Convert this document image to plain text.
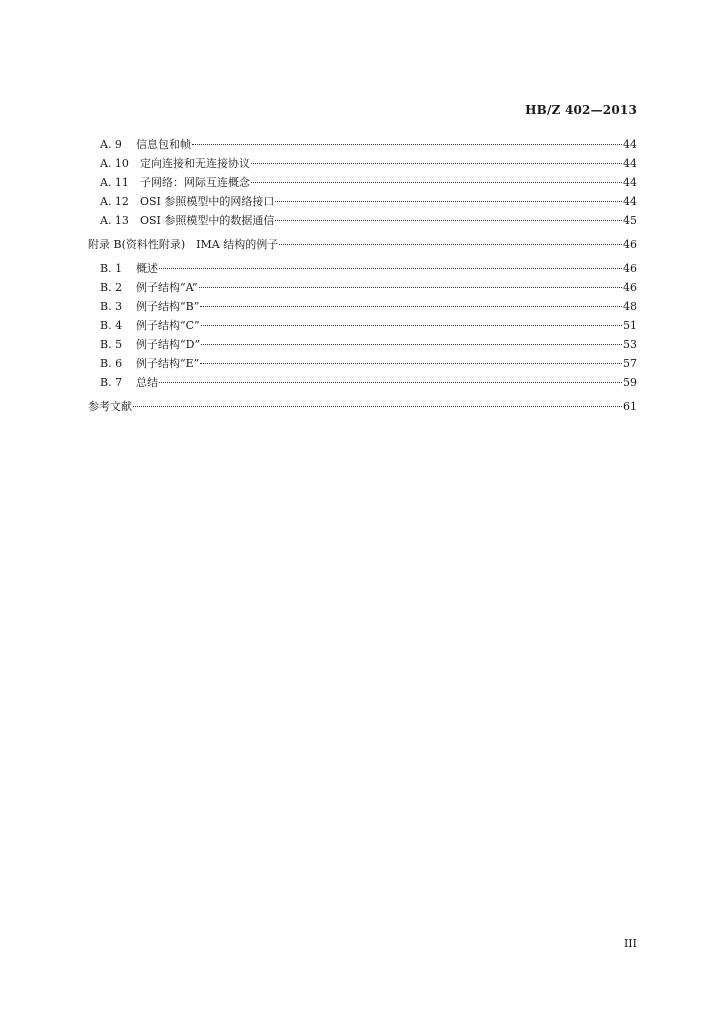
HB/Z 402—2013
A. 9	信息包和帧	44
A. 10	定向连接和无连接协议	44
A. 11	子网络：网际互连概念	44
A. 12	OSI 参照模型中的网络接口	44
A. 13	OSI 参照模型中的数据通信	45
附录 B(资料性附录)　IMA 结构的例子	46
B. 1	概述	46
B. 2	例子结构“A”	46
B. 3	例子结构“B”	48
B. 4	例子结构“C”	51
B. 5	例子结构“D”	53
B. 6	例子结构“E”	57
B. 7	总结	59
参考文献	61
III
